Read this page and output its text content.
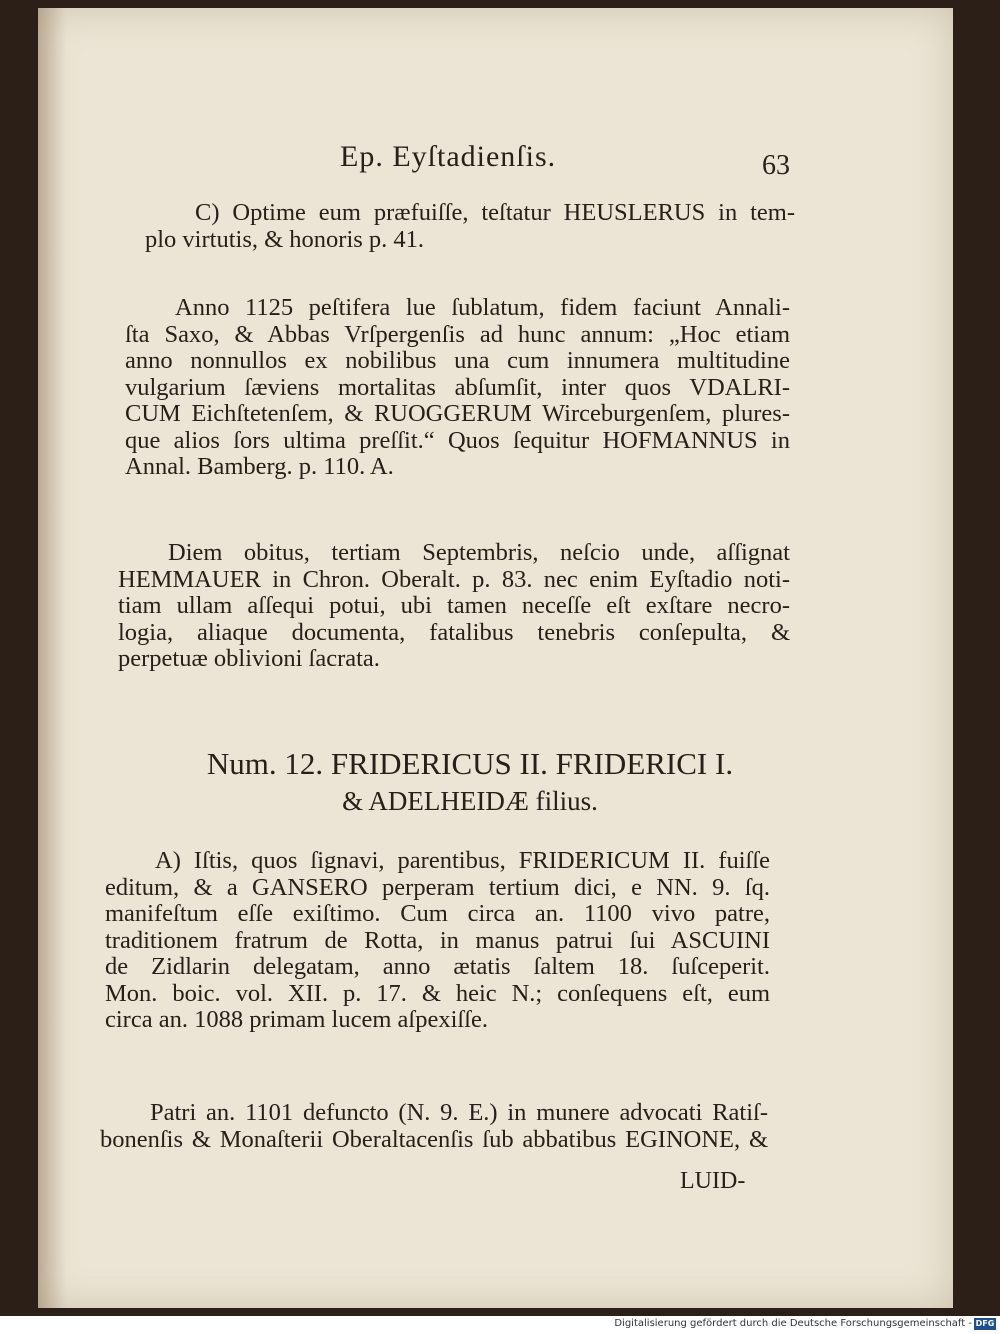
Ep. Eyſtadienſis.	63
C) Optime eum præfuiſſe, teſtatur HEUSLERUS in tem-
plo virtutis, & honoris p. 41.
Anno 1125 peſtifera lue ſublatum, fidem faciunt Annali-
ſta Saxo, & Abbas Vrſpergenſis ad hunc annum: „Hoc etiam
anno nonnullos ex nobilibus una cum innumera multitudine
vulgarium ſæviens mortalitas abſumſit, inter quos VDALRI-
CUM Eichſtetenſem, & RUOGGERUM Wirceburgenſem, plures-
que alios ſors ultima preſſit.“ Quos ſequitur HOFMANNUS in
Annal. Bamberg. p. 110. A.
Diem obitus, tertiam Septembris, neſcio unde, aſſignat
HEMMAUER in Chron. Oberalt. p. 83. nec enim Eyſtadio noti-
tiam ullam aſſequi potui, ubi tamen neceſſe eſt exſtare necro-
logia, aliaque documenta, fatalibus tenebris conſepulta, &
perpetuæ oblivioni ſacrata.
Num. 12. FRIDERICUS II. FRIDERICI I.
& ADELHEIDÆ filius.
A) Iſtis, quos ſignavi, parentibus, FRIDERICUM II. fuiſſe
editum, & a GANSERO perperam tertium dici, e NN. 9. ſq.
manifeſtum eſſe exiſtimo. Cum circa an. 1100 vivo patre,
traditionem fratrum de Rotta, in manus patrui ſui ASCUINI
de Zidlarin delegatam, anno ætatis ſaltem 18. ſuſceperit.
Mon. boic. vol. XII. p. 17. & heic N.; conſequens eſt, eum
circa an. 1088 primam lucem aſpexiſſe.
Patri an. 1101 defuncto (N. 9. E.) in munere advocati Ratiſ-
bonenſis & Monaſterii Oberaltacenſis ſub abbatibus EGINONE, &
LUID-
Digitalisierung gefördert durch die Deutsche Forschungsgemeinschaft - DFG
